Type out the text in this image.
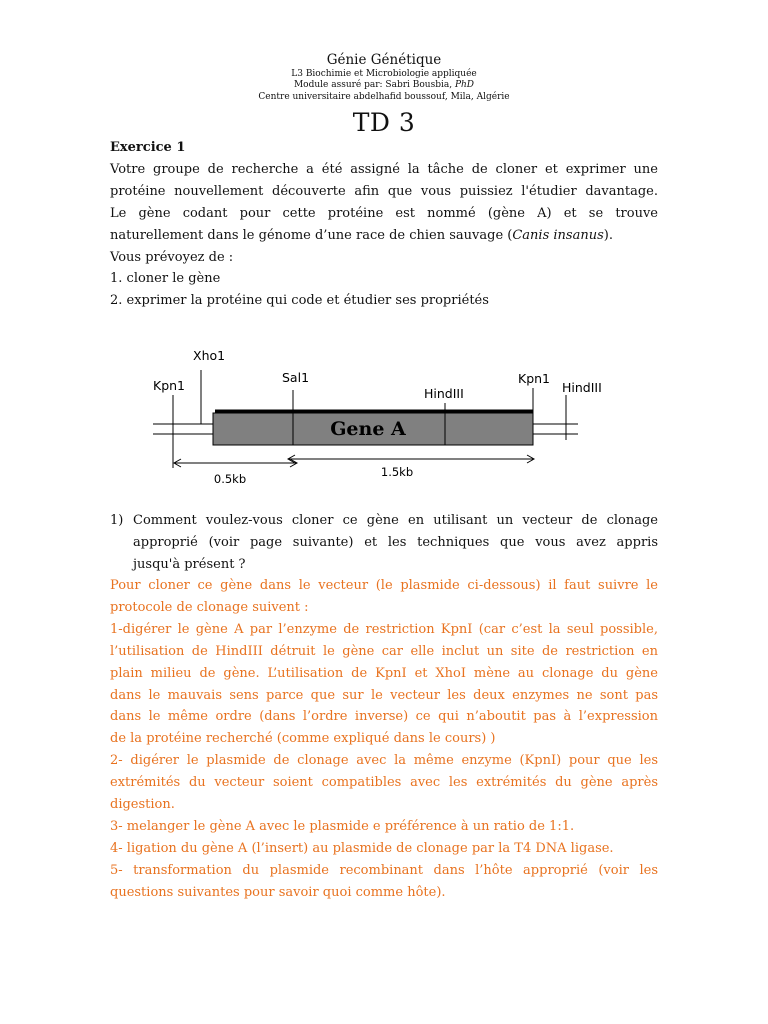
Génie Génétique
L3 Biochimie et Microbiologie appliquée
Module assuré par: Sabri Bousbia, PhD
Centre universitaire abdelhafid boussouf, Mila, Algérie
TD 3

Exercice 1

Votre groupe de recherche a été assigné la tâche de cloner et exprimer une

protéine nouvellement découverte afin que vous puissiez l'étudier davantage.

Le gène codant pour cette protéine est nommé (gène A) et se trouve

naturellement dans le génome d’une race de chien sauvage (Canis insanus).

Vous prévoyez de :

1. cloner le gène

2. exprimer la protéine qui code et étudier ses propriétés

Kpn1
Xho1
Sal1
HindIII
Kpn1
HindIII
Gene A
0.5kb	1.5kb
1) Comment voulez-vous cloner ce gène en utilisant un vecteur de clonage

approprié (voir page suivante) et les techniques que vous avez appris

jusqu'à présent ?

Pour cloner ce gène dans le vecteur (le plasmide ci-dessous) il faut suivre le

protocole de clonage suivent :

1-digérer le gène A par l’enzyme de restriction KpnI (car c’est la seul possible,

l’utilisation de HindIII détruit le gène car elle inclut un site de restriction en

plain milieu de gène. L’utilisation de KpnI et XhoI mène au clonage du gène

dans le mauvais sens parce que sur le vecteur les deux enzymes ne sont pas

dans le même ordre (dans l’ordre inverse) ce qui n’aboutit pas à l’expression

de la protéine recherché (comme expliqué dans le cours) )

2- digérer le plasmide de clonage avec la même enzyme (KpnI) pour que les

extrémités du vecteur soient compatibles avec les extrémités du gène après

digestion.

3- melanger le gène A avec le plasmide e préférence à un ratio de 1:1.

4- ligation du gène A (l’insert) au plasmide de clonage par la T4 DNA ligase.

5- transformation du plasmide recombinant dans l’hôte approprié (voir les

questions suivantes pour savoir quoi comme hôte).
